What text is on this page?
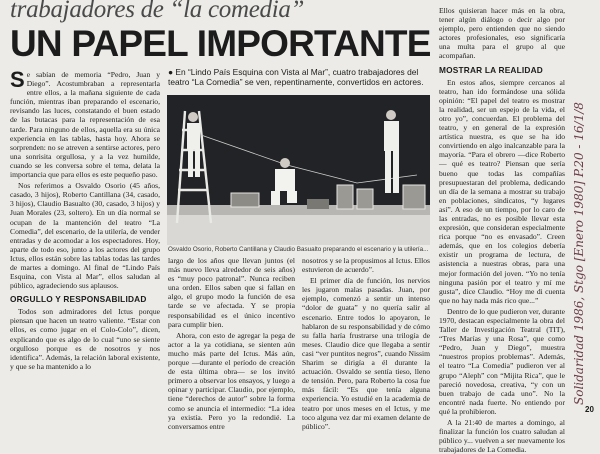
trabajadores de “la comedia”
UN PAPEL IMPORTANTE

Se sabían de memoria “Pedro, Juan y Diego”. Acostumbraban a representarla entre ellos, a la mañana siguiente de cada función, mientras iban preparando el escenario, revisando las luces, constatando el buen estado de las butacas para la representación de esa tarde. Para ninguno de ellos, aquella era su única experiencia en las tablas, hasta hoy. Ahora se sorprenden: no se atreven a sentirse actores, pero una sonrisita orgullosa, y a la vez humilde, cuando se les conversa sobre el tema, delata la importancia que para ellos es este pequeño paso.

Nos referimos a Osvaldo Osorio (45 años, casado, 3 hijos), Roberto Cantillana (34, casado, 3 hijos), Claudio Basualto (30, casado, 3 hijos) y Juan Morales (23, soltero). En un día normal se ocupan de la mantención del teatro “La Comedia”, del escenario, de la utilería, de vender entradas y de acomodar a los espectadores. Hoy, aparte de todo eso, junto a los actores del grupo Ictus, ellos están sobre las tablas todas las tardes de martes a domingo. Al final de “Lindo País Esquina, con Vista al Mar”, ellos saludan al público, agradeciendo sus aplausos.

ORGULLO Y RESPONSABILIDAD

Todos son admiradores del Ictus porque piensan que hacen un teatro valiente. “Estar con ellos, es como jugar en el Colo-Colo”, dicen, explicando que es algo de lo cual “uno se siente orgulloso porque es de nosotros y nos identifica”. Además, la relación laboral existente, y que se ha mantenido a lo

● En “Lindo País Esquina con Vista al Mar”, cuatro trabajadores del teatro “La Comedia” se ven, repentinamente, convertidos en actores.
Osvaldo Osorio, Roberto Cantillana y Claudio Basualto preparando el escenario y la utilería...

largo de los años que llevan juntos (el más nuevo lleva alrededor de seis años) es “muy poco patronal”. Nunca reciben una orden. Ellos saben que si fallan en algo, el grupo modo la función de esa tarde se ve afectada. Y se propia responsabilidad es el único incentivo para cumplir bien.

Ahora, con esto de agregar la pega de actor a la ya cotidiana, se sienten aún mucho más parte del Ictus. Más aún, porque —durante el período de creación de esta última obra— se los invitó primero a observar los ensayos, y luego a opinar y participar. Claudio, por ejemplo, tiene “derechos de autor” sobre la forma como se anuncia el intermedio: “La idea ya existía. Pero yo la redondié. La conversamos entre

nosotros y se la propusimos al Ictus. Ellos estuvieron de acuerdo”.

El primer día de función, los nervios les jugaron malas pasadas. Juan, por ejemplo, comenzó a sentir un intenso “dolor de guata” y no quería salir al escenario. Entre todos lo apoyaron, le hablaron de su responsabilidad y de cómo su falla haría frustrarse una trilogía de meses. Claudio dice que llegaba a sentir casi “ver puntitos negros”, cuando Nissim Sharim se dirigía a él durante la actuación. Osvaldo se sentía tieso, lleno de tensión. Pero, para Roberto la cosa fue más fácil: “Es que tenía alguna experiencia. Yo estudié en la academia de teatro por unos meses en el Ictus, y me toco alguna vez dar mi examen delante de público”.

Ellos quisieran hacer más en la obra, tener algún diálogo o decir algo por ejemplo, pero entienden que no siendo actores profesionales, eso significaría una multa para el grupo al que acompañan.

MOSTRAR LA REALIDAD

En estos años, siempre cercanos al teatro, han ido formándose una sólida opinión: “El papel del teatro es mostrar la realidad, ser un espejo de la vida, el otro yo”, concuerdan. El problema del teatro, y en general de la expresión artística nuestra, es que se ha ido convirtiendo en algo inalcanzable para la mayoría. “Para el obrero —dice Roberto— qué es teatro? Piensan que sería bueno que todas las compañías presupuestaran del problema, dedicando un día de la semana a mostrar su trabajo en poblaciones, sindicatos, “y lugares así”. A eso de un tiempo, por lo caro de las entradas, no es posible llevar esta expresión, que consideran especialmente rica porque “no es envasado”. Creen además, que en los colegios debería existir un programa de lectura, de asistencia a nuestras obras, para una mejor formación del joven. “Yo no tenía ninguna pasión por el teatro y mí me gusta”, dice Claudio. “Hoy me di cuenta que no hay nada más rico que...”

Dentro de lo que pudieron ver, durante 1970, destacan especialmente la obra del Taller de Investigación Teatral (TIT), “Tres Marías y una Rosa”, que como “Pedro, Juan y Diego”, muestra “nuestros propios problemas”. Además, el teatro “La Comedia” pudieron ver al grupo “Aleph” con “Mijita Rica”, que le pareció novedosa, creativa, “y con un buen trabajo de cada uno”. No la encontré nada fuerte. No entiendo por qué la prohibieron.

A la 21:40 de martes a domingo, al finalizar la función los cuatro saludan al público y... vuelven a ser nuevamente los trabajadores de La Comedia.

Solidaridad 1986, Stgo [Enero 1980] P.20 - 16/1/8
20
